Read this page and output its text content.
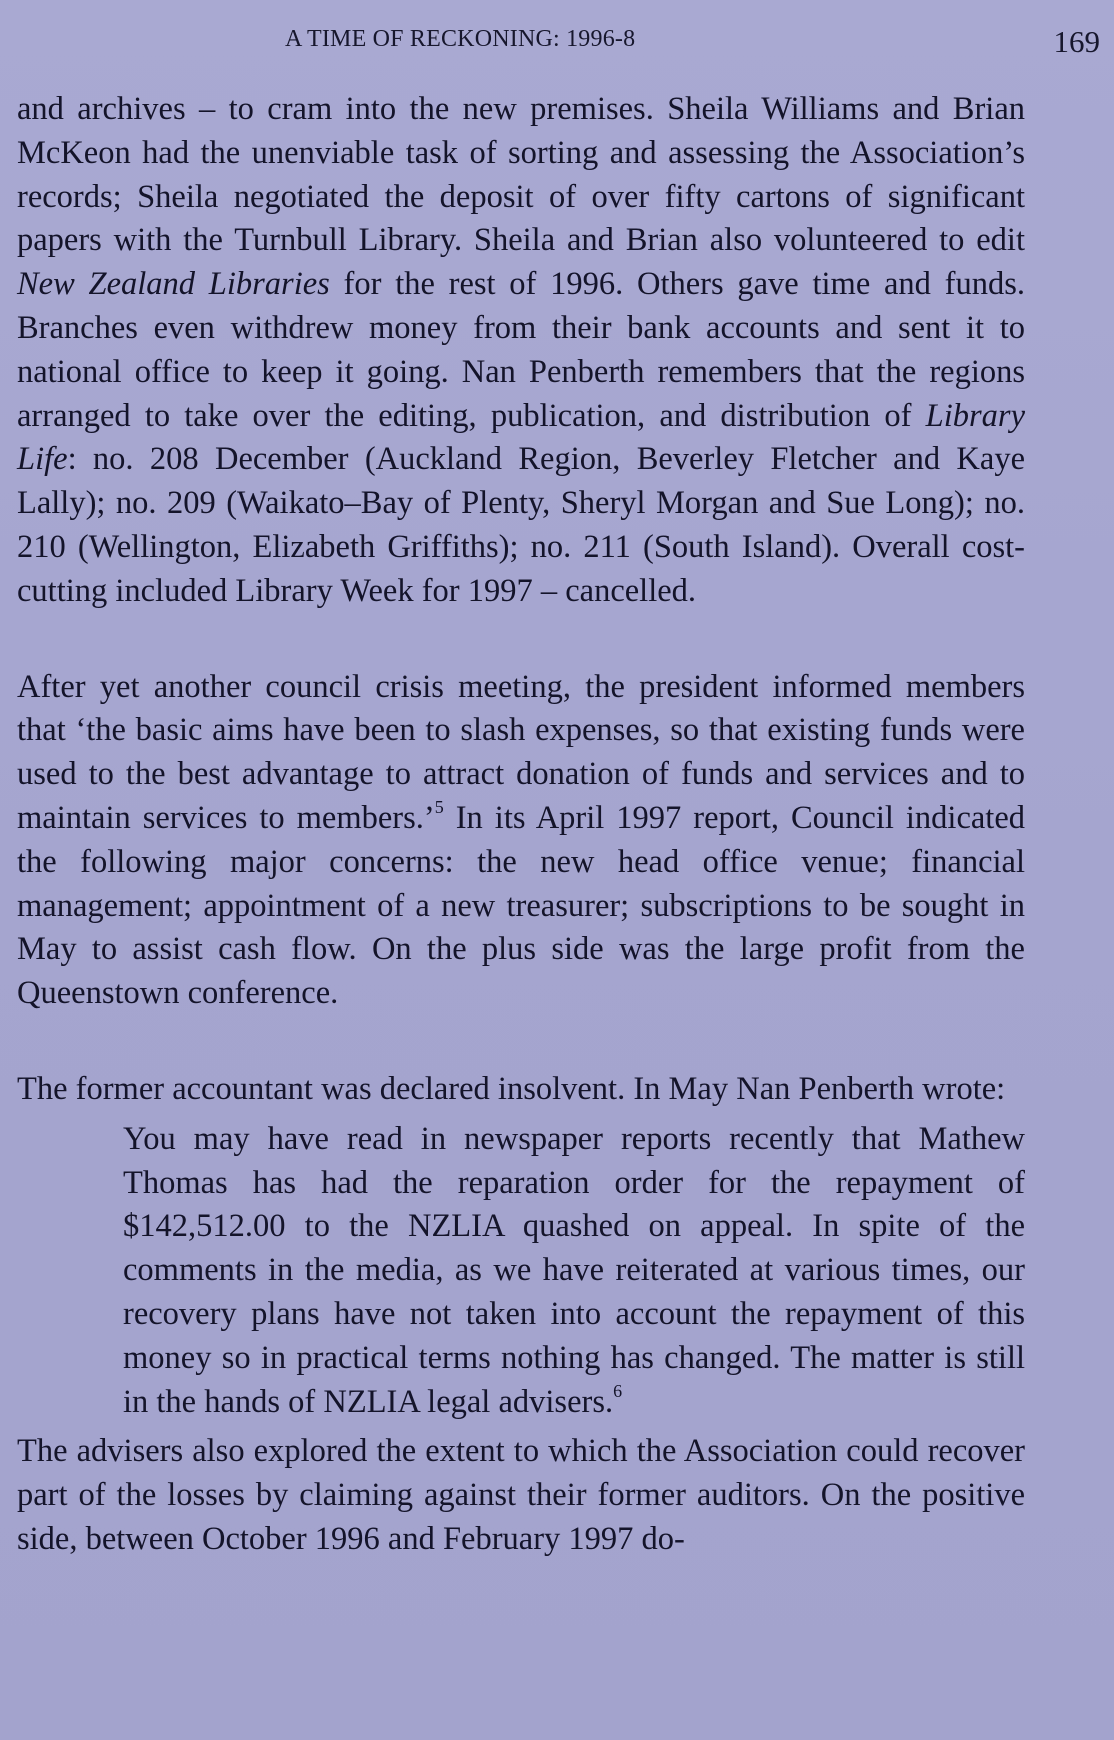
A TIME OF RECKONING: 1996-8	169

and archives – to cram into the new premises. Sheila Williams and Brian McKeon had the unenviable task of sorting and assessing the Association’s records; Sheila negotiated the deposit of over fifty cartons of significant papers with the Turnbull Library. Sheila and Brian also volunteered to edit New Zealand Libraries for the rest of 1996. Others gave time and funds. Branches even withdrew money from their bank accounts and sent it to national office to keep it going. Nan Penberth remembers that the regions arranged to take over the editing, publication, and distribution of Library Life: no. 208 December (Auckland Region, Beverley Fletcher and Kaye Lally); no. 209 (Waikato–Bay of Plenty, Sheryl Morgan and Sue Long); no. 210 (Wellington, Elizabeth Griffiths); no. 211 (South Island). Overall cost-cutting included Library Week for 1997 – cancelled.

After yet another council crisis meeting, the president informed members that ‘the basic aims have been to slash expenses, so that existing funds were used to the best advantage to attract donation of funds and services and to maintain services to members.’$^5$ In its April 1997 report, Council indicated the following major concerns: the new head office venue; financial management; appointment of a new treasurer; subscriptions to be sought in May to assist cash flow. On the plus side was the large profit from the Queenstown conference.

The former accountant was declared insolvent. In May Nan Penberth wrote:

You may have read in newspaper reports recently that Mathew Thomas has had the reparation order for the repayment of $142,512.00 to the NZLIA quashed on appeal. In spite of the comments in the media, as we have reiterated at various times, our recovery plans have not taken into account the repayment of this money so in practical terms nothing has changed. The matter is still in the hands of NZLIA legal advisers.$^6$

The advisers also explored the extent to which the Association could recover part of the losses by claiming against their former auditors. On the positive side, between October 1996 and February 1997 do-
